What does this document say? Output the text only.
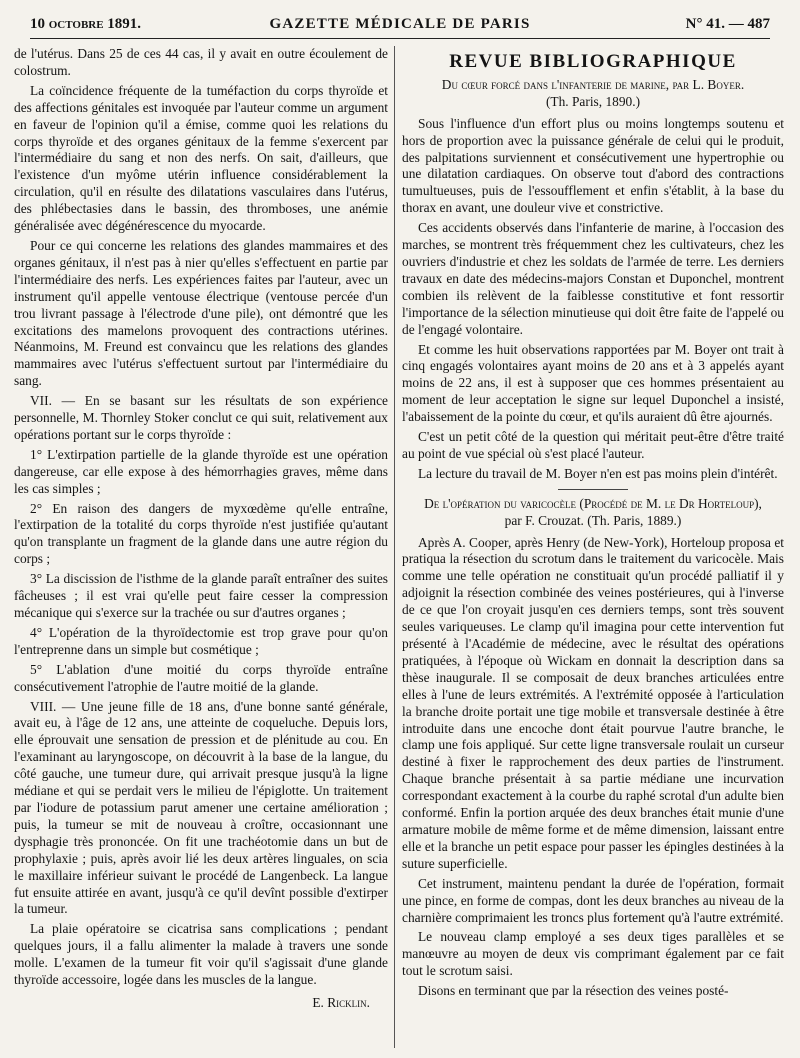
10 octobre 1891.	GAZETTE MÉDICALE DE PARIS	N° 41. — 487

de l'utérus. Dans 25 de ces 44 cas, il y avait en outre écoulement de colostrum.

La coïncidence fréquente de la tuméfaction du corps thyroïde et des affections génitales est invoquée par l'auteur comme un argument en faveur de l'opinion qu'il a émise, comme quoi les relations du corps thyroïde et des organes génitaux de la femme s'exercent par l'intermédiaire du sang et non des nerfs. On sait, d'ailleurs, que l'existence d'un myôme utérin influence considérablement la circulation, qu'il en résulte des dilatations vasculaires dans l'utérus, des phlébectasies dans le bassin, des thromboses, une anémie généralisée avec dégénérescence du myocarde.

Pour ce qui concerne les relations des glandes mammaires et des organes génitaux, il n'est pas à nier qu'elles s'effectuent en partie par l'intermédiaire des nerfs. Les expériences faites par l'auteur, avec un instrument qu'il appelle ventouse électrique (ventouse percée d'un trou livrant passage à l'électrode d'une pile), ont démontré que les excitations des mamelons provoquent des contractions utérines. Néanmoins, M. Freund est convaincu que les relations des glandes mammaires avec l'utérus s'effectuent surtout par l'intermédiaire du sang.

VII. — En se basant sur les résultats de son expérience personnelle, M. Thornley Stoker conclut ce qui suit, relativement aux opérations portant sur le corps thyroïde :

1° L'extirpation partielle de la glande thyroïde est une opération dangereuse, car elle expose à des hémorrhagies graves, même dans les cas simples ;

2° En raison des dangers de myxœdème qu'elle entraîne, l'extirpation de la totalité du corps thyroïde n'est justifiée qu'autant qu'on transplante un fragment de la glande dans une autre région du corps ;

3° La discission de l'isthme de la glande paraît entraîner des suites fâcheuses ; il est vrai qu'elle peut faire cesser la compression mécanique qui s'exerce sur la trachée ou sur d'autres organes ;

4° L'opération de la thyroïdectomie est trop grave pour qu'on l'entreprenne dans un simple but cosmétique ;

5° L'ablation d'une moitié du corps thyroïde entraîne consécutivement l'atrophie de l'autre moitié de la glande.

VIII. — Une jeune fille de 18 ans, d'une bonne santé générale, avait eu, à l'âge de 12 ans, une atteinte de coqueluche. Depuis lors, elle éprouvait une sensation de pression et de plénitude au cou. En l'examinant au laryngoscope, on découvrit à la base de la langue, du côté gauche, une tumeur dure, qui arrivait presque jusqu'à la ligne médiane et qui se perdait vers le milieu de l'épiglotte. Un traitement par l'iodure de potassium parut amener une certaine amélioration ; puis, la tumeur se mit de nouveau à croître, occasionnant une dysphagie très prononcée. On fit une trachéotomie dans un but de prophylaxie ; puis, après avoir lié les deux artères linguales, on scia le maxillaire inférieur suivant le procédé de Langenbeck. La langue fut ensuite attirée en avant, jusqu'à ce qu'il devînt possible d'extirper la tumeur.

La plaie opératoire se cicatrisa sans complications ; pendant quelques jours, il a fallu alimenter la malade à travers une sonde molle. L'examen de la tumeur fit voir qu'il s'agissait d'une glande thyroïde accessoire, logée dans les muscles de la langue.

E. Ricklin.

REVUE BIBLIOGRAPHIQUE

Du cœur forcé dans l'infanterie de marine, par L. Boyer.
(Th. Paris, 1890.)

Sous l'influence d'un effort plus ou moins longtemps soutenu et hors de proportion avec la puissance générale de celui qui le produit, des palpitations surviennent et consécutivement une hypertrophie ou une dilatation cardiaques. On observe tout d'abord des contractions tumultueuses, puis de l'essoufflement et enfin s'établit, à la base du thorax en avant, une douleur vive et constrictive.

Ces accidents observés dans l'infanterie de marine, à l'occasion des marches, se montrent très fréquemment chez les cultivateurs, chez les ouvriers d'industrie et chez les soldats de l'armée de terre. Les derniers travaux en date des médecins-majors Constan et Duponchel, montrent combien ils relèvent de la faiblesse constitutive et font ressortir l'importance de la sélection minutieuse qui doit être faite de l'appelé ou de l'engagé volontaire.

Et comme les huit observations rapportées par M. Boyer ont trait à cinq engagés volontaires ayant moins de 20 ans et à 3 appelés ayant moins de 22 ans, il est à supposer que ces hommes présentaient au moment de leur acceptation le signe sur lequel Duponchel a insisté, l'abaissement de la pointe du cœur, et qu'ils auraient dû être ajournés.

C'est un petit côté de la question qui méritait peut-être d'être traité au point de vue spécial où s'est placé l'auteur.

La lecture du travail de M. Boyer n'en est pas moins plein d'intérêt.

De l'opération du varicocèle (Procédé de M. le Dr Horteloup),
par F. Crouzat. (Th. Paris, 1889.)

Après A. Cooper, après Henry (de New-York), Horteloup proposa et pratiqua la résection du scrotum dans le traitement du varicocèle. Mais comme une telle opération ne constituait qu'un procédé palliatif il y adjoignit la résection combinée des veines postérieures, qui à l'inverse de ce que l'on croyait jusqu'en ces derniers temps, sont très souvent seules variqueuses. Le clamp qu'il imagina pour cette intervention fut présenté à l'Académie de médecine, avec le résultat des opérations pratiquées, à l'époque où Wickam en donnait la description dans sa thèse inaugurale. Il se composait de deux branches articulées entre elles à l'une de leurs extrémités. A l'extrémité opposée à l'articulation la branche droite portait une tige mobile et transversale destinée à être introduite dans une encoche dont était pourvue l'autre branche, le clamp une fois appliqué. Sur cette ligne transversale roulait un curseur destiné à fixer le rapprochement des deux parties de l'instrument. Chaque branche présentait à sa partie médiane une incurvation correspondant exactement à la courbe du raphé scrotal d'un adulte bien conformé. Enfin la portion arquée des deux branches était munie d'une armature mobile de même forme et de même dimension, laissant entre elle et la branche un petit espace pour passer les épingles destinées à la suture superficielle.

Cet instrument, maintenu pendant la durée de l'opération, formait une pince, en forme de compas, dont les deux branches au niveau de la charnière comprimaient les troncs plus fortement qu'à l'autre extrémité.

Le nouveau clamp employé a ses deux tiges parallèles et se manœuvre au moyen de deux vis comprimant également par ce fait tout le scrotum saisi.

Disons en terminant que par la résection des veines posté-
